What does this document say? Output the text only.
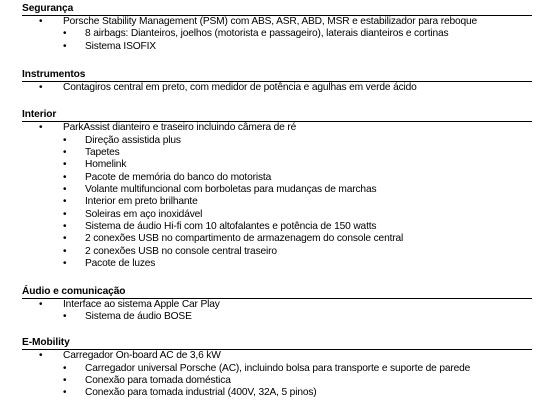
Segurança
• Porsche Stability Management (PSM) com ABS, ASR, ABD, MSR e estabilizador para reboque
• 8 airbags: Dianteiros, joelhos (motorista e passageiro), laterais dianteiros e cortinas
• Sistema ISOFIX
Instrumentos
• Contagiros central em preto, com medidor de potência e agulhas em verde ácido
Interior
• ParkAssist dianteiro e traseiro incluindo câmera de ré
• Direção assistida plus
• Tapetes
• Homelink
• Pacote de memória do banco do motorista
• Volante multifuncional com borboletas para mudanças de marchas
• Interior em preto brilhante
• Soleiras em aço inoxidável
• Sistema de áudio Hi-fi com 10 altofalantes e potência de 150 watts
• 2 conexões USB no compartimento de armazenagem do console central
• 2 conexões USB no console central traseiro
• Pacote de luzes
Áudio e comunicação
• Interface ao sistema Apple Car Play
• Sistema de áudio BOSE
E-Mobility
• Carregador On-board AC de 3,6 kW
• Carregador universal Porsche (AC), incluindo bolsa para transporte e suporte de parede
• Conexão para tomada doméstica
• Conexão para tomada industrial (400V, 32A, 5 pinos)
